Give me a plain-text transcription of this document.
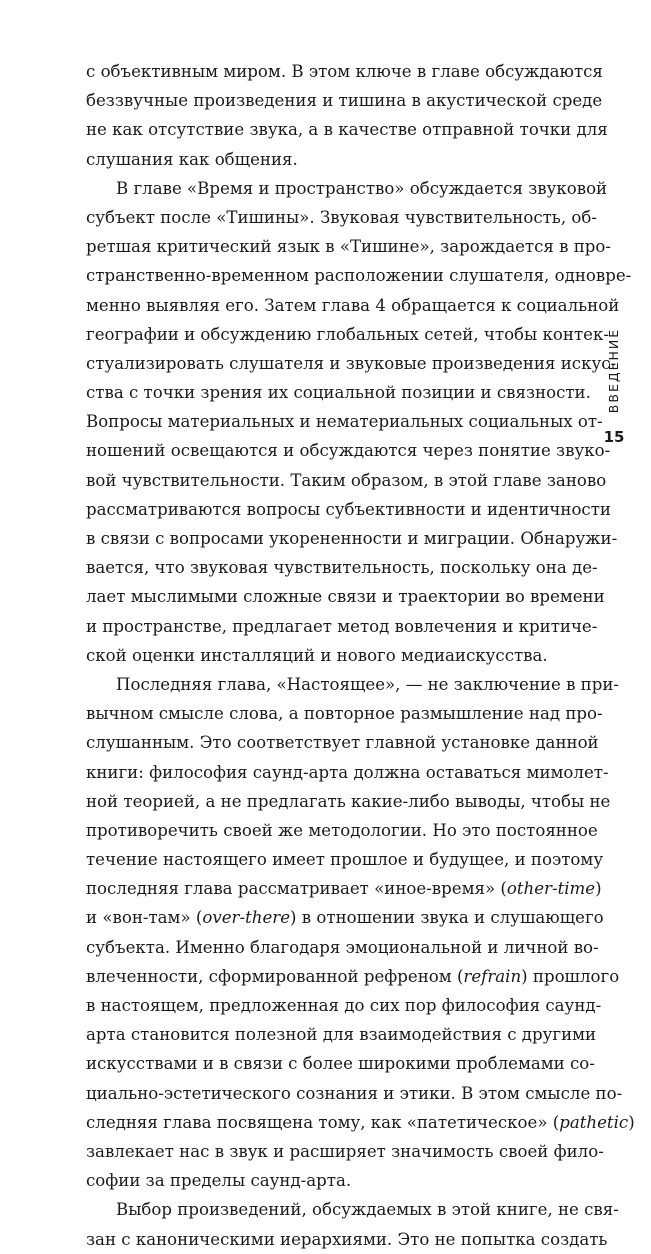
с объективным миром. В этом ключе в главе обсуждаются
беззвучные произведения и тишина в акустической среде
не как отсутствие звука, а в качестве отправной точки для
слушания как общения.
В главе «Время и пространство» обсуждается звуковой
субъект после «Тишины». Звуковая чувствительность, об-
ретшая критический язык в «Тишине», зарождается в про-
странственно-временном расположении слушателя, одновре-
менно выявляя его. Затем глава 4 обращается к социальной
географии и обсуждению глобальных сетей, чтобы контек-
стуализировать слушателя и звуковые произведения искус-
ства с точки зрения их социальной позиции и связности.
Вопросы материальных и нематериальных социальных от-
ношений освещаются и обсуждаются через понятие звуко-
вой чувствительности. Таким образом, в этой главе заново
рассматриваются вопросы субъективности и идентичности
в связи с вопросами укорененности и миграции. Обнаружи-
вается, что звуковая чувствительность, поскольку она де-
лает мыслимыми сложные связи и траектории во времени
и пространстве, предлагает метод вовлечения и критиче-
ской оценки инсталляций и нового медиаискусства.
Последняя глава, «Настоящее», — не заключение в при-
вычном смысле слова, а повторное размышление над про-
слушанным. Это соответствует главной установке данной
книги: философия саунд-арта должна оставаться мимолет-
ной теорией, а не предлагать какие-либо выводы, чтобы не
противоречить своей же методологии. Но это постоянное
течение настоящего имеет прошлое и будущее, и поэтому
последняя глава рассматривает «иное-время» (other-time)
и «вон-там» (over-there) в отношении звука и слушающего
субъекта. Именно благодаря эмоциональной и личной во-
влеченности, сформированной рефреном (refrain) прошлого
в настоящем, предложенная до сих пор философия саунд-
арта становится полезной для взаимодействия с другими
искусствами и в связи с более широкими проблемами со-
циально-эстетического сознания и этики. В этом смысле по-
следняя глава посвящена тому, как «патетическое» (pathetic)
завлекает нас в звук и расширяет значимость своей фило-
софии за пределы саунд-арта.
Выбор произведений, обсуждаемых в этой книге, не свя-
зан с каноническими иерархиями. Это не попытка создать
ВВЕДЕНИЕ
15
